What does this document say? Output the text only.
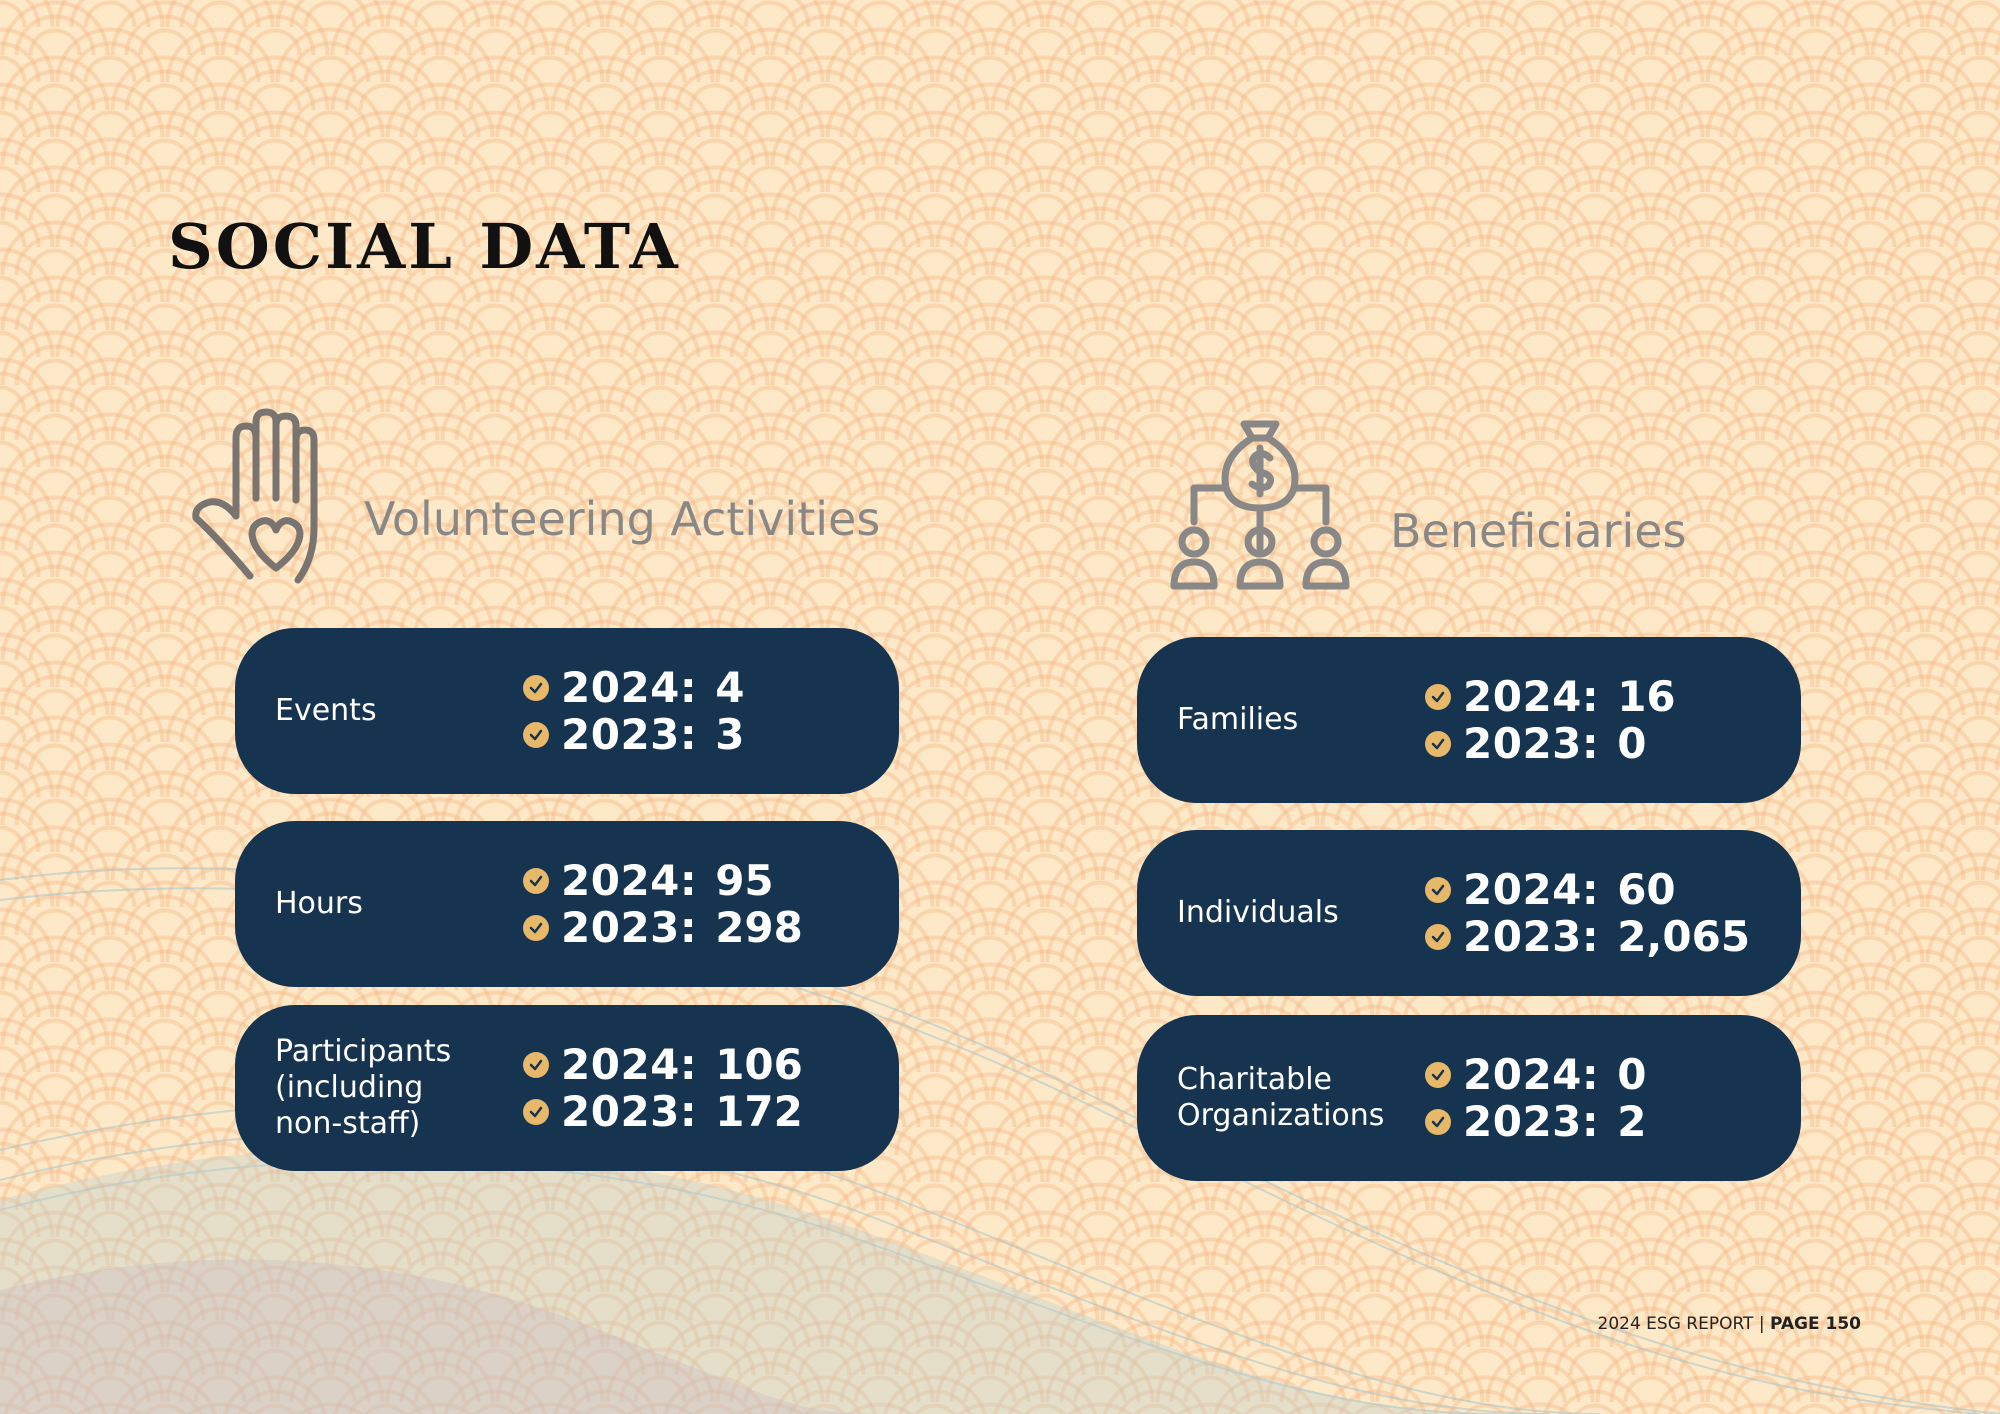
SOCIAL DATA
Volunteering Activities
Events	2024: 4
2023: 3
Hours	2024: 95
2023: 298
Participants (including non-staff)
2024: 106
2023: 172
Beneficiaries
Families	2024: 16
2023: 0
Individuals	2024: 60
2023: 2,065
Charitable Organizations
2024: 0
2023: 2
2024 ESG REPORT | PAGE 150
